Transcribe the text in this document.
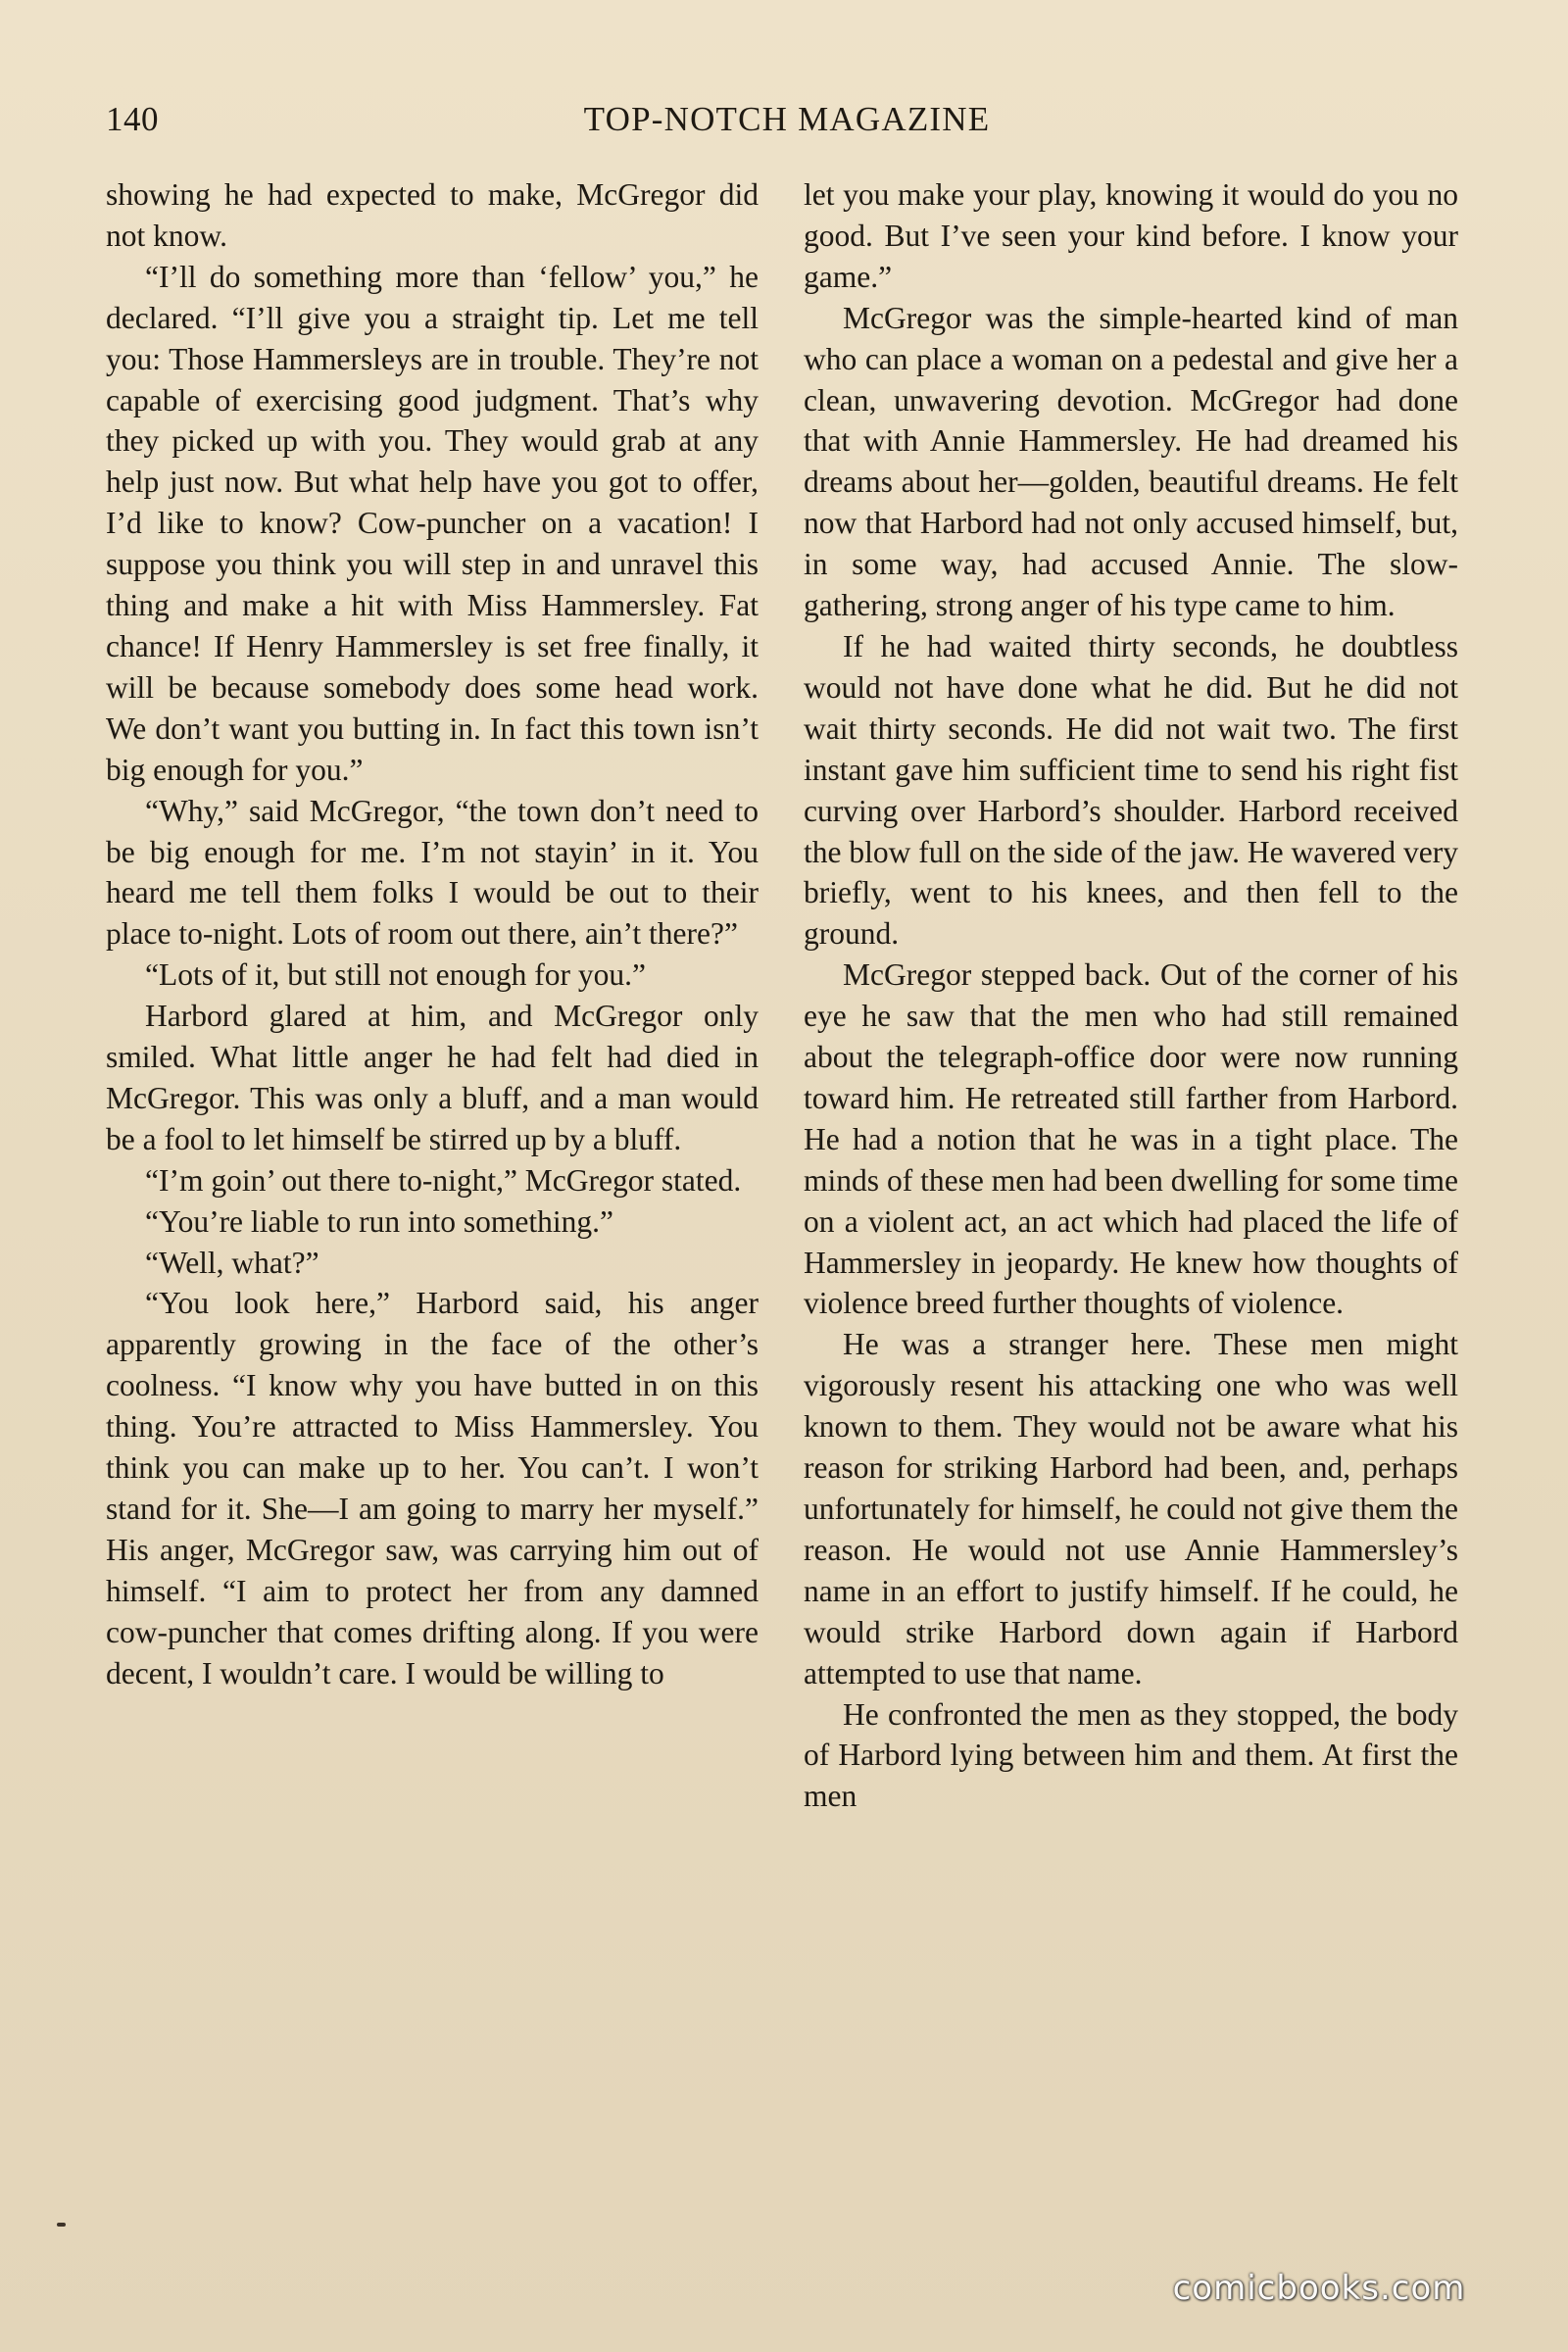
140	TOP-NOTCH MAGAZINE

showing he had expected to make, McGregor did not know.

“I’ll do something more than ‘fellow’ you,” he declared. “I’ll give you a straight tip. Let me tell you: Those Hammersleys are in trouble. They’re not capable of exercising good judgment. That’s why they picked up with you. They would grab at any help just now. But what help have you got to offer, I’d like to know? Cow-puncher on a vacation! I suppose you think you will step in and unravel this thing and make a hit with Miss Hammersley. Fat chance! If Henry Hammersley is set free finally, it will be because somebody does some head work. We don’t want you butting in. In fact this town isn’t big enough for you.”

“Why,” said McGregor, “the town don’t need to be big enough for me. I’m not stayin’ in it. You heard me tell them folks I would be out to their place to-night. Lots of room out there, ain’t there?”

“Lots of it, but still not enough for you.”

Harbord glared at him, and McGregor only smiled. What little anger he had felt had died in McGregor. This was only a bluff, and a man would be a fool to let himself be stirred up by a bluff.

“I’m goin’ out there to-night,” McGregor stated.

“You’re liable to run into something.”

“Well, what?”

“You look here,” Harbord said, his anger apparently growing in the face of the other’s coolness. “I know why you have butted in on this thing. You’re attracted to Miss Hammersley. You think you can make up to her. You can’t. I won’t stand for it. She—I am going to marry her myself.” His anger, McGregor saw, was carrying him out of himself. “I aim to protect her from any damned cow-puncher that comes drifting along. If you were decent, I wouldn’t care. I would be willing to

let you make your play, knowing it would do you no good. But I’ve seen your kind before. I know your game.”

McGregor was the simple-hearted kind of man who can place a woman on a pedestal and give her a clean, unwavering devotion. McGregor had done that with Annie Hammersley. He had dreamed his dreams about her—golden, beautiful dreams. He felt now that Harbord had not only accused himself, but, in some way, had accused Annie. The slow-gathering, strong anger of his type came to him.

If he had waited thirty seconds, he doubtless would not have done what he did. But he did not wait thirty seconds. He did not wait two. The first instant gave him sufficient time to send his right fist curving over Harbord’s shoulder. Harbord received the blow full on the side of the jaw. He wavered very briefly, went to his knees, and then fell to the ground.

McGregor stepped back. Out of the corner of his eye he saw that the men who had still remained about the telegraph-office door were now running toward him. He retreated still farther from Harbord. He had a notion that he was in a tight place. The minds of these men had been dwelling for some time on a violent act, an act which had placed the life of Hammersley in jeopardy. He knew how thoughts of violence breed further thoughts of violence.

He was a stranger here. These men might vigorously resent his attacking one who was well known to them. They would not be aware what his reason for striking Harbord had been, and, perhaps unfortunately for himself, he could not give them the reason. He would not use Annie Hammersley’s name in an effort to justify himself. If he could, he would strike Harbord down again if Harbord attempted to use that name.

He confronted the men as they stopped, the body of Harbord lying between him and them. At first the men

comicbooks.com
